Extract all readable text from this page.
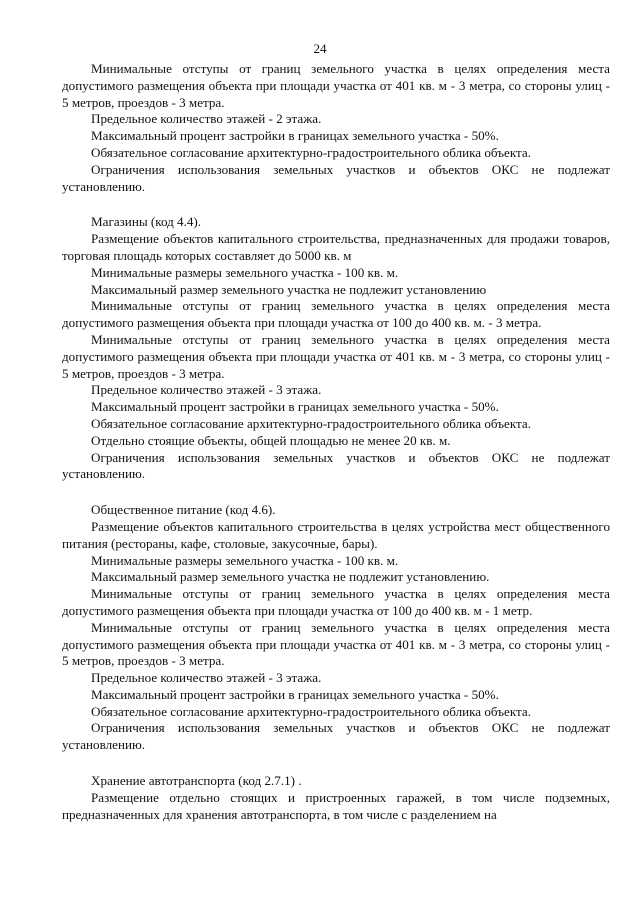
24

Минимальные отступы от границ земельного участка в целях определения места допустимого размещения объекта при площади участка от 401 кв. м - 3 метра, со стороны улиц - 5 метров, проездов - 3 метра.

Предельное количество этажей - 2 этажа.

Максимальный процент застройки в границах земельного участка - 50%.

Обязательное согласование архитектурно-градостроительного облика объекта.

Ограничения использования земельных участков и объектов ОКС не подлежат установлению.

Магазины (код 4.4).

Размещение объектов капитального строительства, предназначенных для продажи товаров, торговая площадь которых составляет до 5000 кв. м

Минимальные размеры земельного участка - 100 кв. м.

Максимальный размер земельного участка не подлежит установлению

Минимальные отступы от границ земельного участка в целях определения места допустимого размещения объекта при площади участка от 100 до 400 кв. м. - 3 метра.

Минимальные отступы от границ земельного участка в целях определения места допустимого размещения объекта при площади участка от 401 кв. м - 3 метра, со стороны улиц - 5 метров, проездов - 3 метра.

Предельное количество этажей - 3 этажа.

Максимальный процент застройки в границах земельного участка - 50%.

Обязательное согласование архитектурно-градостроительного облика объекта.

Отдельно стоящие объекты, общей площадью не менее 20 кв. м.

Ограничения использования земельных участков и объектов ОКС не подлежат установлению.

Общественное питание (код 4.6).

Размещение объектов капитального строительства в целях устройства мест общественного питания (рестораны, кафе, столовые, закусочные, бары).

Минимальные размеры земельного участка - 100 кв. м.

Максимальный размер земельного участка не подлежит установлению.

Минимальные отступы от границ земельного участка в целях определения места допустимого размещения объекта при площади участка от 100 до 400 кв. м - 1 метр.

Минимальные отступы от границ земельного участка в целях определения места допустимого размещения объекта при площади участка от 401 кв. м - 3 метра, со стороны улиц - 5 метров, проездов - 3 метра.

Предельное количество этажей - 3 этажа.

Максимальный процент застройки в границах земельного участка - 50%.

Обязательное согласование архитектурно-градостроительного облика объекта.

Ограничения использования земельных участков и объектов ОКС не подлежат установлению.

Хранение автотранспорта (код 2.7.1) .

Размещение отдельно стоящих и пристроенных гаражей, в том числе подземных, предназначенных для хранения автотранспорта, в том числе с разделением на
